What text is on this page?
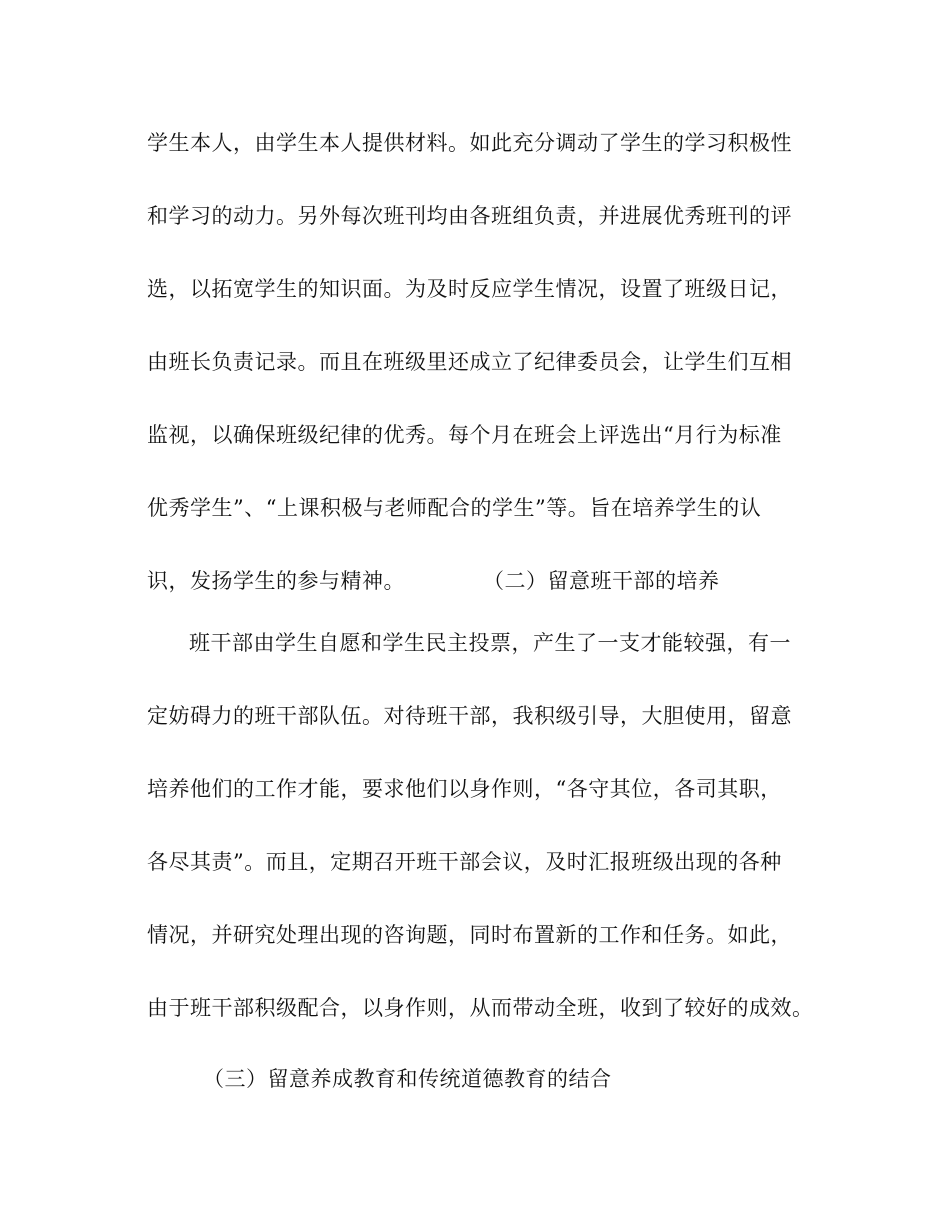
学生本人，由学生本人提供材料。如此充分调动了学生的学习积极性
和学习的动力。另外每次班刊均由各班组负责，并进展优秀班刊的评
选，以拓宽学生的知识面。为及时反应学生情况，设置了班级日记，
由班长负责记录。而且在班级里还成立了纪律委员会，让学生们互相
监视，以确保班级纪律的优秀。每个月在班会上评选出“月行为标准
优秀学生”、“上课积极与老师配合的学生”等。旨在培养学生的认
识，发扬学生的参与精神。	（二）留意班干部的培养
班干部由学生自愿和学生民主投票，产生了一支才能较强，有一
定妨碍力的班干部队伍。对待班干部，我积级引导，大胆使用，留意
培养他们的工作才能，要求他们以身作则，“各守其位，各司其职，
各尽其责”。而且，定期召开班干部会议，及时汇报班级出现的各种
情况，并研究处理出现的咨询题，同时布置新的工作和任务。如此，
由于班干部积级配合，以身作则，从而带动全班，收到了较好的成效。
（三）留意养成教育和传统道德教育的结合
